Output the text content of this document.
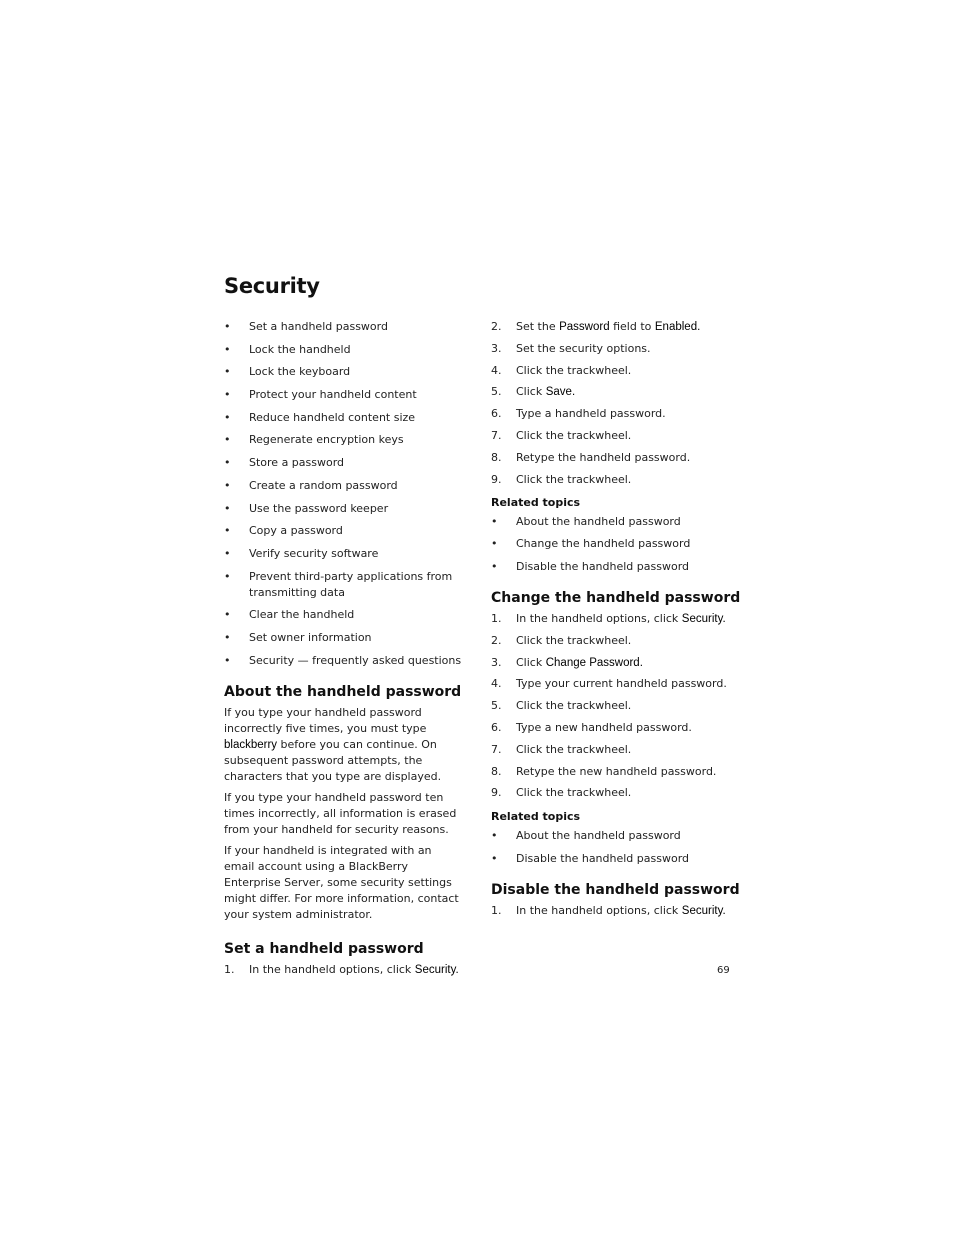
Security
• Set a handheld password
• Lock the handheld
• Lock the keyboard
• Protect your handheld content
• Reduce handheld content size
• Regenerate encryption keys
• Store a password
• Create a random password
• Use the password keeper
• Copy a password
• Verify security software
• Prevent third-party applications from transmitting data
• Clear the handheld
• Set owner information
• Security — frequently asked questions
About the handheld password

If you type your handheld password incorrectly five times, you must type blackberry before you can continue. On subsequent password attempts, the characters that you type are displayed.

If you type your handheld password ten times incorrectly, all information is erased from your handheld for security reasons.

If your handheld is integrated with an email account using a BlackBerry Enterprise Server, some security settings might differ. For more information, contact your system administrator.

Set a handheld password
1. In the handheld options, click Security.
2. Set the Password field to Enabled.
3. Set the security options.
4. Click the trackwheel.
5. Click Save.
6. Type a handheld password.
7. Click the trackwheel.
8. Retype the handheld password.
9. Click the trackwheel.
Related topics
• About the handheld password
• Change the handheld password
• Disable the handheld password
Change the handheld password
1. In the handheld options, click Security.
2. Click the trackwheel.
3. Click Change Password.
4. Type your current handheld password.
5. Click the trackwheel.
6. Type a new handheld password.
7. Click the trackwheel.
8. Retype the new handheld password.
9. Click the trackwheel.
Related topics
• About the handheld password
• Disable the handheld password
Disable the handheld password
1. In the handheld options, click Security.
69
